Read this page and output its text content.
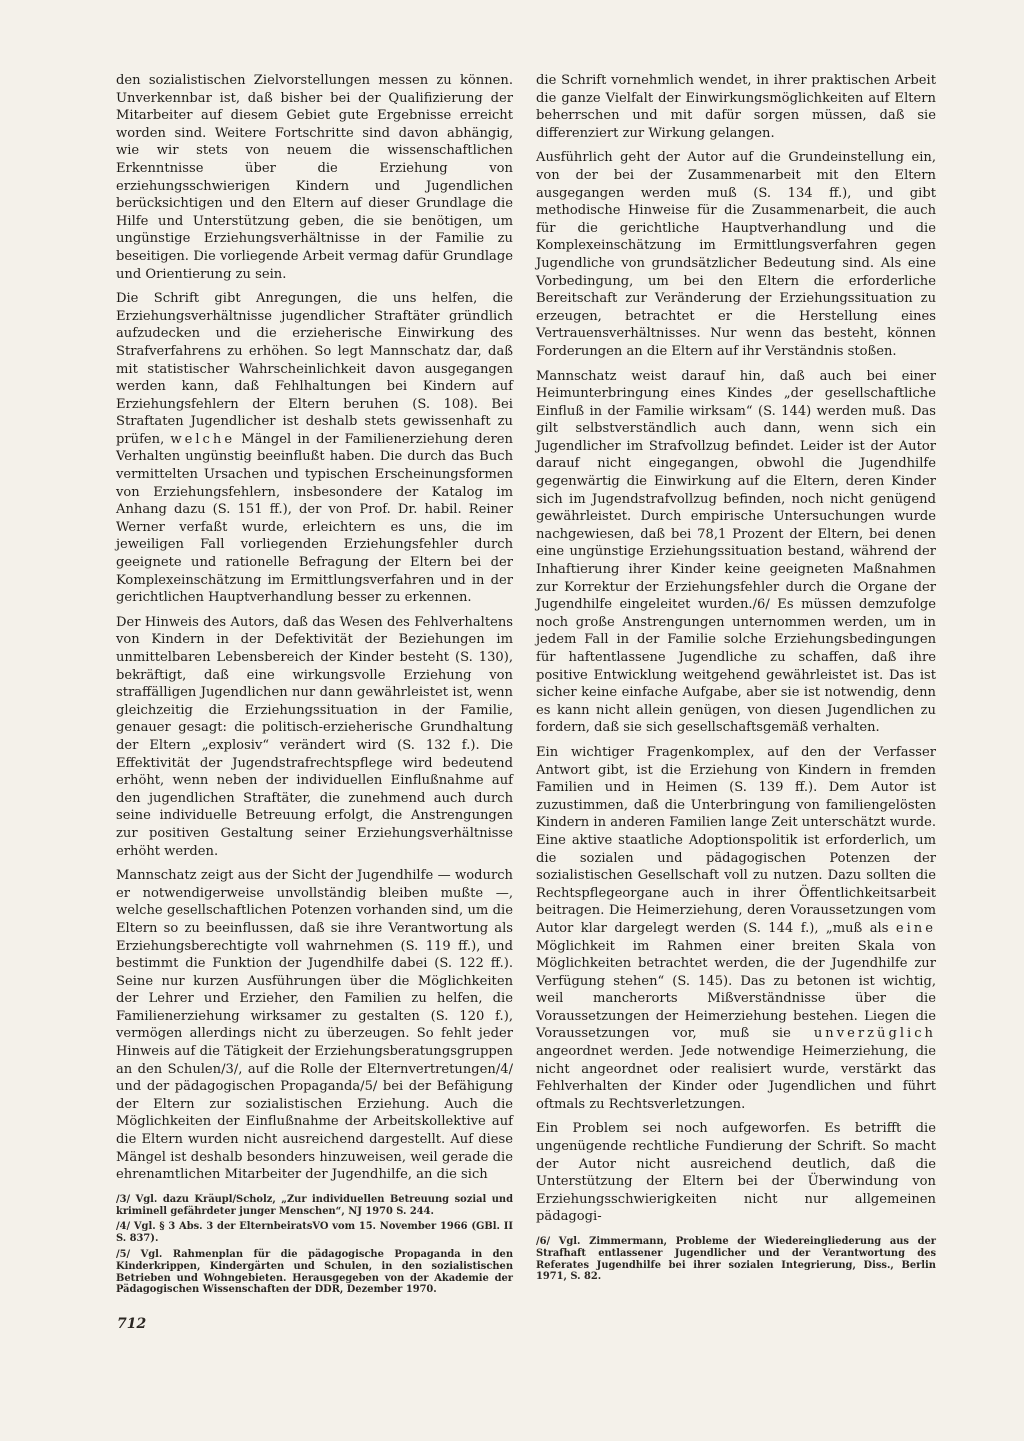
den sozialistischen Zielvorstellungen messen zu können. Unverkennbar ist, daß bisher bei der Qualifizierung der Mitarbeiter auf diesem Gebiet gute Ergebnisse erreicht worden sind. Weitere Fortschritte sind davon abhängig, wie wir stets von neuem die wissenschaftlichen Erkenntnisse über die Erziehung von erziehungsschwierigen Kindern und Jugendlichen berücksichtigen und den Eltern auf dieser Grundlage die Hilfe und Unterstützung geben, die sie benötigen, um ungünstige Erziehungsverhältnisse in der Familie zu beseitigen. Die vorliegende Arbeit vermag dafür Grundlage und Orientierung zu sein.

Die Schrift gibt Anregungen, die uns helfen, die Erziehungsverhältnisse jugendlicher Straftäter gründlich aufzudecken und die erzieherische Einwirkung des Strafverfahrens zu erhöhen. So legt Mannschatz dar, daß mit statistischer Wahrscheinlichkeit davon ausgegangen werden kann, daß Fehlhaltungen bei Kindern auf Erziehungsfehlern der Eltern beruhen (S. 108). Bei Straftaten Jugendlicher ist deshalb stets gewissenhaft zu prüfen, welche Mängel in der Familienerziehung deren Verhalten ungünstig beeinflußt haben. Die durch das Buch vermittelten Ursachen und typischen Erscheinungsformen von Erziehungsfehlern, insbesondere der Katalog im Anhang dazu (S. 151 ff.), der von Prof. Dr. habil. Reiner Werner verfaßt wurde, erleichtern es uns, die im jeweiligen Fall vorliegenden Erziehungsfehler durch geeignete und rationelle Befragung der Eltern bei der Komplexeinschätzung im Ermittlungsverfahren und in der gerichtlichen Hauptverhandlung besser zu erkennen.

Der Hinweis des Autors, daß das Wesen des Fehlverhaltens von Kindern in der Defektivität der Beziehungen im unmittelbaren Lebensbereich der Kinder besteht (S. 130), bekräftigt, daß eine wirkungsvolle Erziehung von straffälligen Jugendlichen nur dann gewährleistet ist, wenn gleichzeitig die Erziehungssituation in der Familie, genauer gesagt: die politisch-erzieherische Grundhaltung der Eltern „explosiv“ verändert wird (S. 132 f.). Die Effektivität der Jugendstrafrechtspflege wird bedeutend erhöht, wenn neben der individuellen Einflußnahme auf den jugendlichen Straftäter, die zunehmend auch durch seine individuelle Betreuung erfolgt, die Anstrengungen zur positiven Gestaltung seiner Erziehungsverhältnisse erhöht werden.

Mannschatz zeigt aus der Sicht der Jugendhilfe — wodurch er notwendigerweise unvollständig bleiben mußte —, welche gesellschaftlichen Potenzen vorhanden sind, um die Eltern so zu beeinflussen, daß sie ihre Verantwortung als Erziehungsberechtigte voll wahrnehmen (S. 119 ff.), und bestimmt die Funktion der Jugendhilfe dabei (S. 122 ff.). Seine nur kurzen Ausführungen über die Möglichkeiten der Lehrer und Erzieher, den Familien zu helfen, die Familienerziehung wirksamer zu gestalten (S. 120 f.), vermögen allerdings nicht zu überzeugen. So fehlt jeder Hinweis auf die Tätigkeit der Erziehungsberatungsgruppen an den Schulen/3/, auf die Rolle der Elternvertretungen/4/ und der pädagogischen Propaganda/5/ bei der Befähigung der Eltern zur sozialistischen Erziehung. Auch die Möglichkeiten der Einflußnahme der Arbeitskollektive auf die Eltern wurden nicht ausreichend dargestellt. Auf diese Mängel ist deshalb besonders hinzuweisen, weil gerade die ehrenamtlichen Mitarbeiter der Jugendhilfe, an die sich

/3/ Vgl. dazu Kräupl/Scholz, „Zur individuellen Betreuung sozial und kriminell gefährdeter junger Menschen“, NJ 1970 S. 244.

/4/ Vgl. § 3 Abs. 3 der ElternbeiratsVO vom 15. November 1966 (GBl. II S. 837).

/5/ Vgl. Rahmenplan für die pädagogische Propaganda in den Kinderkrippen, Kindergärten und Schulen, in den sozialistischen Betrieben und Wohngebieten. Herausgegeben von der Akademie der Pädagogischen Wissenschaften der DDR, Dezember 1970.

die Schrift vornehmlich wendet, in ihrer praktischen Arbeit die ganze Vielfalt der Einwirkungsmöglichkeiten auf Eltern beherrschen und mit dafür sorgen müssen, daß sie differenziert zur Wirkung gelangen.

Ausführlich geht der Autor auf die Grundeinstellung ein, von der bei der Zusammenarbeit mit den Eltern ausgegangen werden muß (S. 134 ff.), und gibt methodische Hinweise für die Zusammenarbeit, die auch für die gerichtliche Hauptverhandlung und die Komplexeinschätzung im Ermittlungsverfahren gegen Jugendliche von grundsätzlicher Bedeutung sind. Als eine Vorbedingung, um bei den Eltern die erforderliche Bereitschaft zur Veränderung der Erziehungssituation zu erzeugen, betrachtet er die Herstellung eines Vertrauensverhältnisses. Nur wenn das besteht, können Forderungen an die Eltern auf ihr Verständnis stoßen.

Mannschatz weist darauf hin, daß auch bei einer Heimunterbringung eines Kindes „der gesellschaftliche Einfluß in der Familie wirksam“ (S. 144) werden muß. Das gilt selbstverständlich auch dann, wenn sich ein Jugendlicher im Strafvollzug befindet. Leider ist der Autor darauf nicht eingegangen, obwohl die Jugendhilfe gegenwärtig die Einwirkung auf die Eltern, deren Kinder sich im Jugendstrafvollzug befinden, noch nicht genügend gewährleistet. Durch empirische Untersuchungen wurde nachgewiesen, daß bei 78,1 Prozent der Eltern, bei denen eine ungünstige Erziehungssituation bestand, während der Inhaftierung ihrer Kinder keine geeigneten Maßnahmen zur Korrektur der Erziehungsfehler durch die Organe der Jugendhilfe eingeleitet wurden./6/ Es müssen demzufolge noch große Anstrengungen unternommen werden, um in jedem Fall in der Familie solche Erziehungsbedingungen für haftentlassene Jugendliche zu schaffen, daß ihre positive Entwicklung weitgehend gewährleistet ist. Das ist sicher keine einfache Aufgabe, aber sie ist notwendig, denn es kann nicht allein genügen, von diesen Jugendlichen zu fordern, daß sie sich gesellschaftsgemäß verhalten.

Ein wichtiger Fragenkomplex, auf den der Verfasser Antwort gibt, ist die Erziehung von Kindern in fremden Familien und in Heimen (S. 139 ff.). Dem Autor ist zuzustimmen, daß die Unterbringung von familiengelösten Kindern in anderen Familien lange Zeit unterschätzt wurde. Eine aktive staatliche Adoptionspolitik ist erforderlich, um die sozialen und pädagogischen Potenzen der sozialistischen Gesellschaft voll zu nutzen. Dazu sollten die Rechtspflegeorgane auch in ihrer Öffentlichkeitsarbeit beitragen. Die Heimerziehung, deren Voraussetzungen vom Autor klar dargelegt werden (S. 144 f.), „muß als eine Möglichkeit im Rahmen einer breiten Skala von Möglichkeiten betrachtet werden, die der Jugendhilfe zur Verfügung stehen“ (S. 145). Das zu betonen ist wichtig, weil mancherorts Mißverständnisse über die Voraussetzungen der Heimerziehung bestehen. Liegen die Voraussetzungen vor, muß sie unverzüglich angeordnet werden. Jede notwendige Heimerziehung, die nicht angeordnet oder realisiert wurde, verstärkt das Fehlverhalten der Kinder oder Jugendlichen und führt oftmals zu Rechtsverletzungen.

Ein Problem sei noch aufgeworfen. Es betrifft die ungenügende rechtliche Fundierung der Schrift. So macht der Autor nicht ausreichend deutlich, daß die Unterstützung der Eltern bei der Überwindung von Erziehungsschwierigkeiten nicht nur allgemeinen pädagogi-

/6/ Vgl. Zimmermann, Probleme der Wiedereingliederung aus der Strafhaft entlassener Jugendlicher und der Verantwortung des Referates Jugendhilfe bei ihrer sozialen Integrierung, Diss., Berlin 1971, S. 82.

712
